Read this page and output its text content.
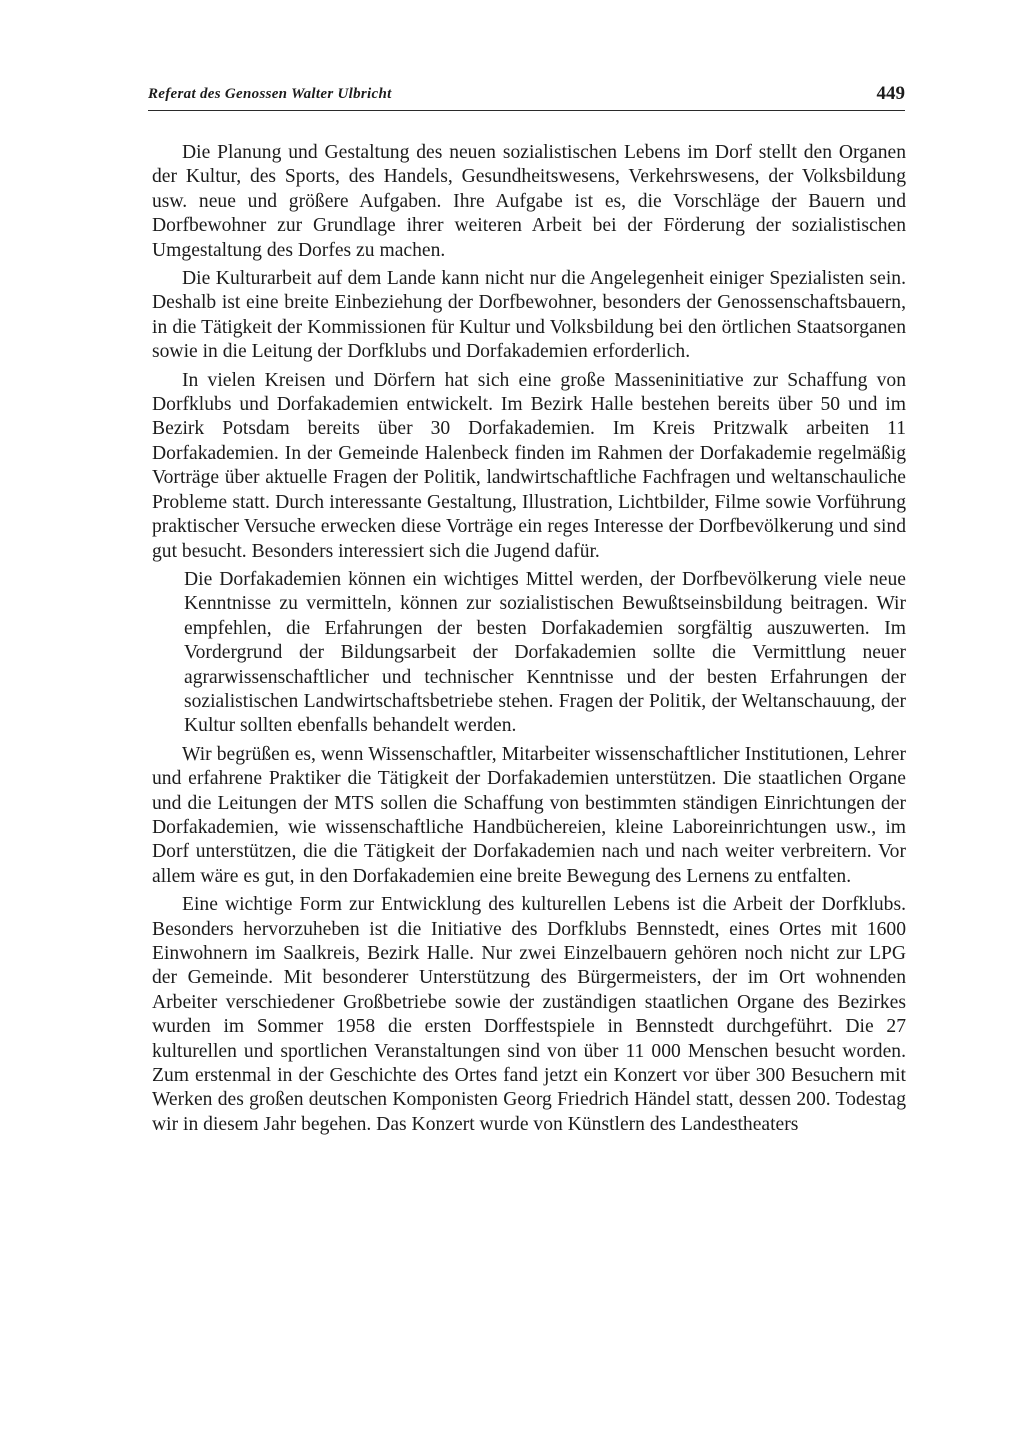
Referat des Genossen Walter Ulbricht	449

Die Planung und Gestaltung des neuen sozialistischen Lebens im Dorf stellt den Organen der Kultur, des Sports, des Handels, Gesundheitswesens, Verkehrswesens, der Volksbildung usw. neue und größere Aufgaben. Ihre Aufgabe ist es, die Vorschläge der Bauern und Dorfbewohner zur Grundlage ihrer weiteren Arbeit bei der Förderung der sozialistischen Umgestaltung des Dorfes zu machen.

Die Kulturarbeit auf dem Lande kann nicht nur die Angelegenheit einiger Spezialisten sein. Deshalb ist eine breite Einbeziehung der Dorfbewohner, besonders der Genossenschaftsbauern, in die Tätigkeit der Kommissionen für Kultur und Volksbildung bei den örtlichen Staatsorganen sowie in die Leitung der Dorfklubs und Dorfakademien erforderlich.

In vielen Kreisen und Dörfern hat sich eine große Masseninitiative zur Schaffung von Dorfklubs und Dorfakademien entwickelt. Im Bezirk Halle bestehen bereits über 50 und im Bezirk Potsdam bereits über 30 Dorfakademien. Im Kreis Pritzwalk arbeiten 11 Dorfakademien. In der Gemeinde Halenbeck finden im Rahmen der Dorfakademie regelmäßig Vorträge über aktuelle Fragen der Politik, landwirtschaftliche Fachfragen und weltanschauliche Probleme statt. Durch interessante Gestaltung, Illustration, Lichtbilder, Filme sowie Vorführung praktischer Versuche erwecken diese Vorträge ein reges Interesse der Dorfbevölkerung und sind gut besucht. Besonders interessiert sich die Jugend dafür.

Die Dorfakademien können ein wichtiges Mittel werden, der Dorfbevölkerung viele neue Kenntnisse zu vermitteln, können zur sozialistischen Bewußtseinsbildung beitragen. Wir empfehlen, die Erfahrungen der besten Dorfakademien sorgfältig auszuwerten. Im Vordergrund der Bildungsarbeit der Dorfakademien sollte die Vermittlung neuer agrarwissenschaftlicher und technischer Kenntnisse und der besten Erfahrungen der sozialistischen Landwirtschaftsbetriebe stehen. Fragen der Politik, der Weltanschauung, der Kultur sollten ebenfalls behandelt werden.

Wir begrüßen es, wenn Wissenschaftler, Mitarbeiter wissenschaftlicher Institutionen, Lehrer und erfahrene Praktiker die Tätigkeit der Dorfakademien unterstützen. Die staatlichen Organe und die Leitungen der MTS sollen die Schaffung von bestimmten ständigen Einrichtungen der Dorfakademien, wie wissenschaftliche Handbüchereien, kleine Laboreinrichtungen usw., im Dorf unterstützen, die die Tätigkeit der Dorfakademien nach und nach weiter verbreitern. Vor allem wäre es gut, in den Dorfakademien eine breite Bewegung des Lernens zu entfalten.

Eine wichtige Form zur Entwicklung des kulturellen Lebens ist die Arbeit der Dorfklubs. Besonders hervorzuheben ist die Initiative des Dorfklubs Bennstedt, eines Ortes mit 1600 Einwohnern im Saalkreis, Bezirk Halle. Nur zwei Einzelbauern gehören noch nicht zur LPG der Gemeinde. Mit besonderer Unterstützung des Bürgermeisters, der im Ort wohnenden Arbeiter verschiedener Großbetriebe sowie der zuständigen staatlichen Organe des Bezirkes wurden im Sommer 1958 die ersten Dorffestspiele in Bennstedt durchgeführt. Die 27 kulturellen und sportlichen Veranstaltungen sind von über 11 000 Menschen besucht worden. Zum erstenmal in der Geschichte des Ortes fand jetzt ein Konzert vor über 300 Besuchern mit Werken des großen deutschen Komponisten Georg Friedrich Händel statt, dessen 200. Todestag wir in diesem Jahr begehen. Das Konzert wurde von Künstlern des Landestheaters
